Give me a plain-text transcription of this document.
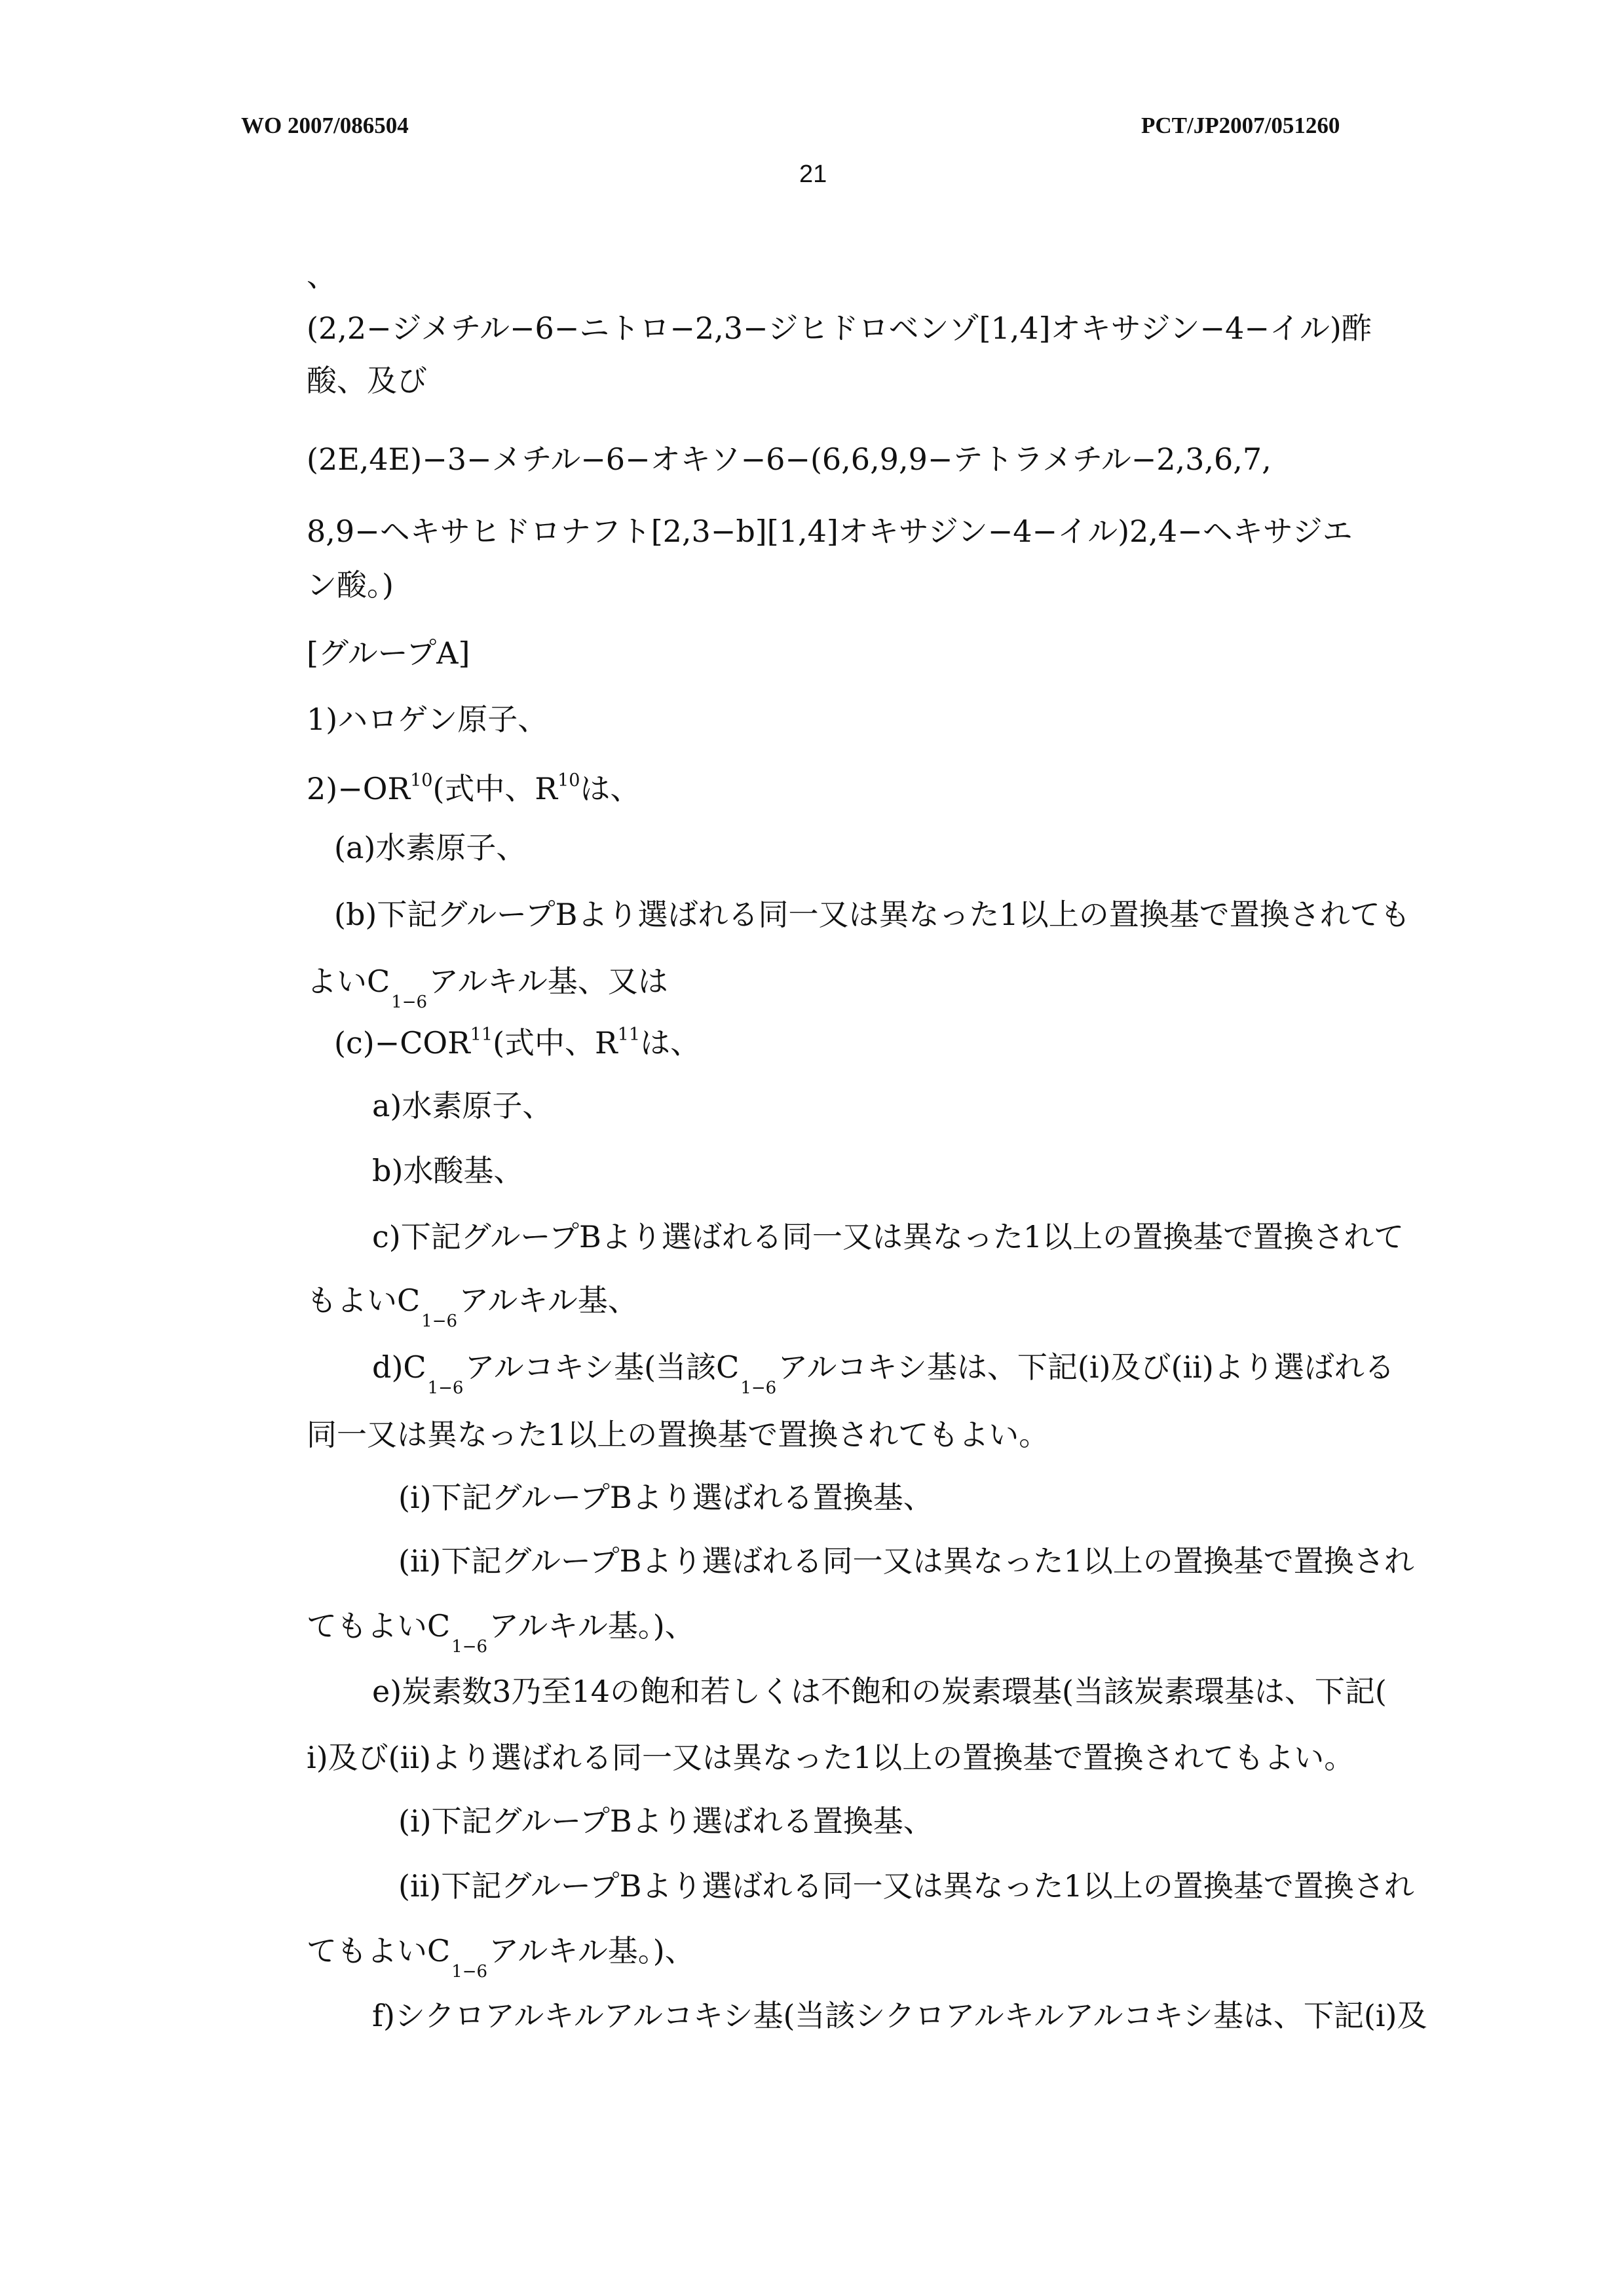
WO 2007/086504	PCT/JP2007/051260
21
、
(2,2−ジメチル−6−ニトロ−2,3−ジヒドロベンゾ[1,4]オキサジン−4−イル)酢
酸、及び
(2E,4E)−3−メチル−6−オキソ−6−(6,6,9,9−テトラメチル−2,3,6,7,
8,9−ヘキサヒドロナフト[2,3−b][1,4]オキサジン−4−イル)2,4−ヘキサジエ
ン酸。)
[グループA]
1)ハロゲン原子、
$2)-OR^{10}$(式中、$R^{10}$は、
(a)水素原子、
(b)下記グループBより選ばれる同一又は異なった1以上の置換基で置換されても
よいC1−6アルキル基、又は
$(c)-COR^{11}$(式中、$R^{11}$は、
a)水素原子、
b)水酸基、
c)下記グループBより選ばれる同一又は異なった1以上の置換基で置換されて
もよいC1−6アルキル基、
d)C1−6アルコキシ基(当該C1−6アルコキシ基は、下記(i)及び(ii)より選ばれる
同一又は異なった1以上の置換基で置換されてもよい。
(i)下記グループBより選ばれる置換基、
(ii)下記グループBより選ばれる同一又は異なった1以上の置換基で置換され
てもよいC1−6アルキル基。)、
e)炭素数3乃至14の飽和若しくは不飽和の炭素環基(当該炭素環基は、下記(
i)及び(ii)より選ばれる同一又は異なった1以上の置換基で置換されてもよい。
(i)下記グループBより選ばれる置換基、
(ii)下記グループBより選ばれる同一又は異なった1以上の置換基で置換され
てもよいC1−6アルキル基。)、
f)シクロアルキルアルコキシ基(当該シクロアルキルアルコキシ基は、下記(i)及
